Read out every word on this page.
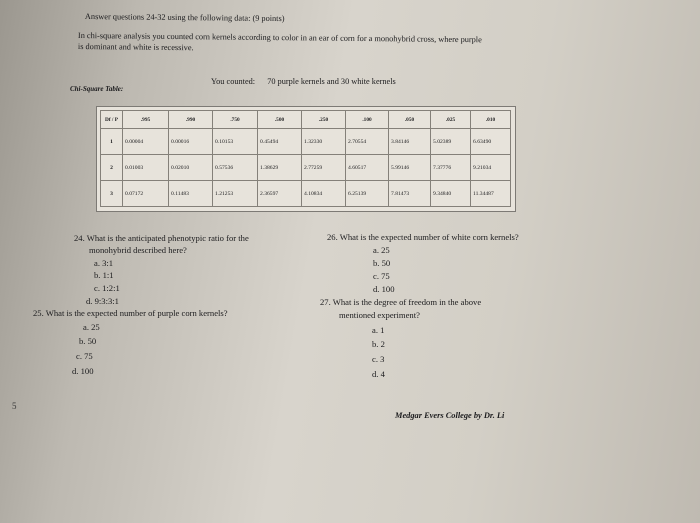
Answer questions 24-32 using the following data: (9 points)
In chi-square analysis you counted corn kernels according to color in an ear of corn for a monohybrid cross, where purple
is dominant and white is recessive.
You counted: 70 purple kernels and 30 white kernels
Chi-Square Table:
Df / P	.995	.990	.750	.500	.250	.100	.050	.025	.010
1	0.00004	0.00016	0.10153	0.45494	1.32330	2.70554	3.84146	5.02389	6.63490
2	0.01003	0.02010	0.57536	1.38629	2.77259	4.60517	5.99146	7.37776	9.21034
3	0.07172	0.11483	1.21253	2.36597	4.10834	6.25139	7.81473	9.34840	11.34487
24. What is the anticipated phenotypic ratio for the
monohybrid described here?
a. 3:1
b. 1:1
c. 1:2:1
d. 9:3:3:1
25. What is the expected number of purple corn kernels?
a. 25
b. 50
c. 75
d. 100
26. What is the expected number of white corn kernels?
a. 25
b. 50
c. 75
d. 100
27. What is the degree of freedom in the above
mentioned experiment?
a. 1
b. 2
c. 3
d. 4
Medgar Evers College by Dr. Li
5
